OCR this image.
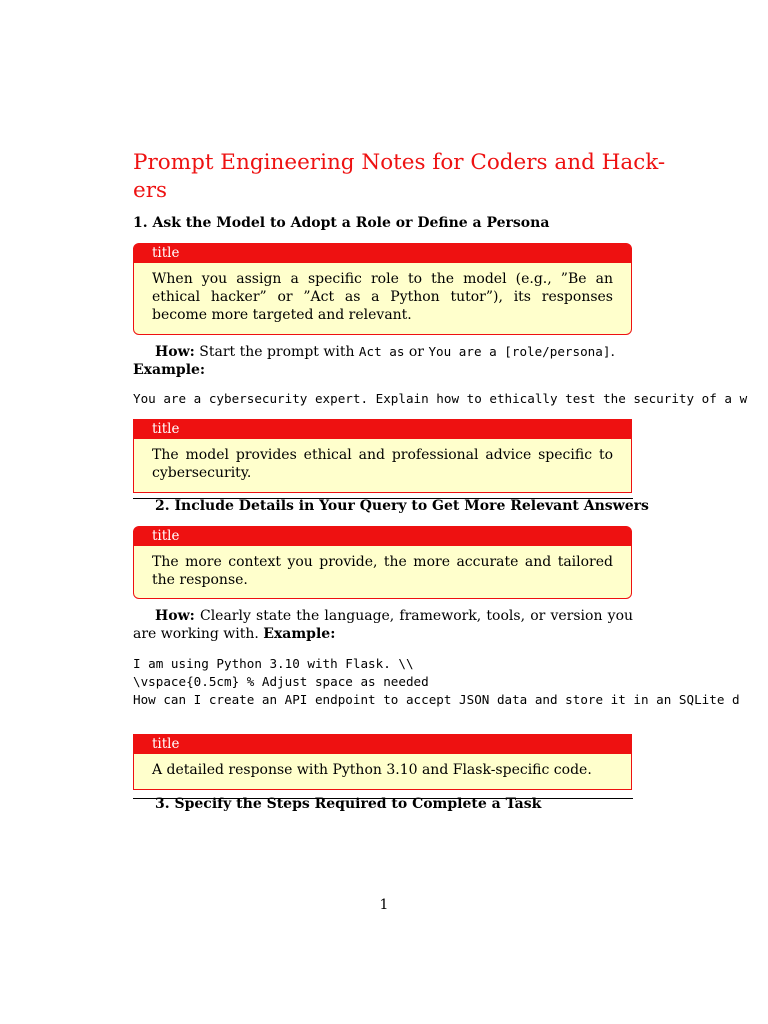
Prompt Engineering Notes for Coders and Hack- ers
1. Ask the Model to Adopt a Role or Define a Persona
title
When you assign a specific role to the model (e.g., ”Be an ethical hacker” or ”Act as a Python tutor”), its responses become more targeted and relevant.
How: Start the prompt with Act as or You are a [role/persona].
Example:
You are a cybersecurity expert. Explain how to ethically test the security of a w
title
The model provides ethical and professional advice specific to cybersecurity.
2. Include Details in Your Query to Get More Relevant Answers
title
The more context you provide, the more accurate and tailored the response.
How: Clearly state the language, framework, tools, or version you are working with. Example:
I am using Python 3.10 with Flask. \\
\vspace{0.5cm} % Adjust space as needed
How can I create an API endpoint to accept JSON data and store it in an SQLite d
title
A detailed response with Python 3.10 and Flask-specific code.
3. Specify the Steps Required to Complete a Task
1
